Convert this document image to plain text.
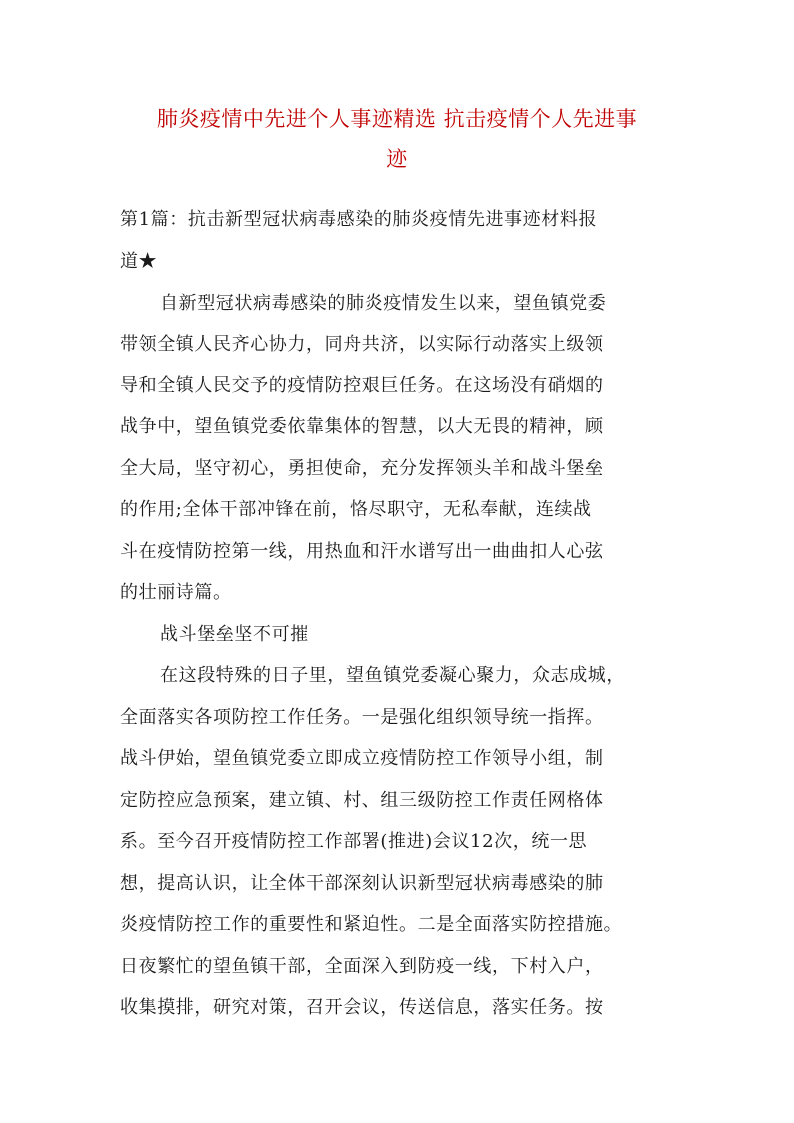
肺炎疫情中先进个人事迹精选 抗击疫情个人先进事
迹
第1篇：抗击新型冠状病毒感染的肺炎疫情先进事迹材料报
道★
自新型冠状病毒感染的肺炎疫情发生以来，望鱼镇党委
带领全镇人民齐心协力，同舟共济，以实际行动落实上级领
导和全镇人民交予的疫情防控艰巨任务。在这场没有硝烟的
战争中，望鱼镇党委依靠集体的智慧，以大无畏的精神，顾
全大局，坚守初心，勇担使命，充分发挥领头羊和战斗堡垒
的作用;全体干部冲锋在前，恪尽职守，无私奉献，连续战
斗在疫情防控第一线，用热血和汗水谱写出一曲曲扣人心弦
的壮丽诗篇。
战斗堡垒坚不可摧
在这段特殊的日子里，望鱼镇党委凝心聚力，众志成城，
全面落实各项防控工作任务。一是强化组织领导统一指挥。
战斗伊始，望鱼镇党委立即成立疫情防控工作领导小组，制
定防控应急预案，建立镇、村、组三级防控工作责任网格体
系。至今召开疫情防控工作部署(推进)会议12次，统一思
想，提高认识，让全体干部深刻认识新型冠状病毒感染的肺
炎疫情防控工作的重要性和紧迫性。二是全面落实防控措施。
日夜繁忙的望鱼镇干部，全面深入到防疫一线，下村入户，
收集摸排，研究对策，召开会议，传送信息，落实任务。按
